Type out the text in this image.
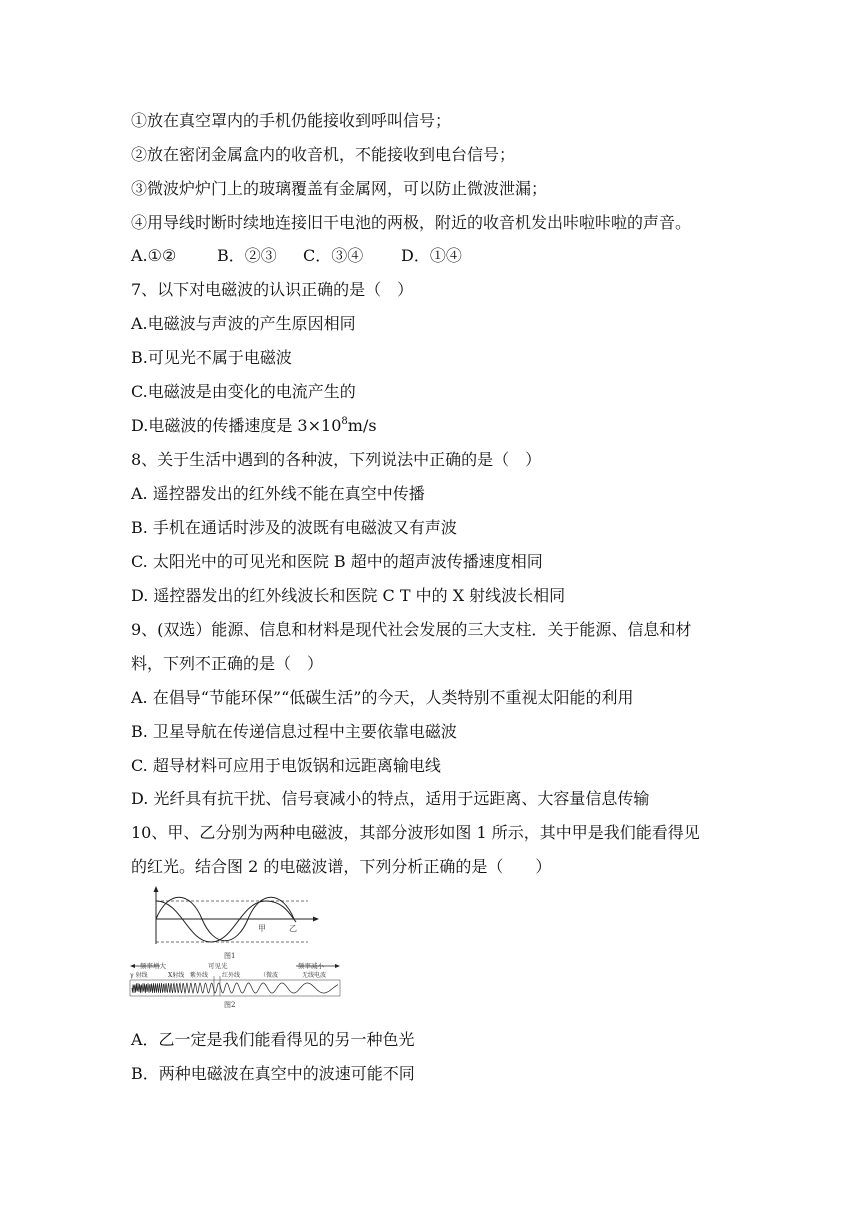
①放在真空罩内的手机仍能接收到呼叫信号；
②放在密闭金属盒内的收音机，不能接收到电台信号；
③微波炉炉门上的玻璃覆盖有金属网，可以防止微波泄漏；
④用导线时断时续地连接旧干电池的两极，附近的收音机发出咔啦咔啦的声音。
A.①②	B．②③ C．③④ D．①④
7、以下对电磁波的认识正确的是（　）
A.电磁波与声波的产生原因相同
B.可见光不属于电磁波
C.电磁波是由变化的电流产生的
D.电磁波的传播速度是 $3\times 10^8m/s$
8、关于生活中遇到的各种波，下列说法中正确的是（　）
A. 遥控器发出的红外线不能在真空中传播
B. 手机在通话时涉及的波既有电磁波又有声波
C. 太阳光中的可见光和医院 B 超中的超声波传播速度相同
D. 遥控器发出的红外线波长和医院 C T 中的 X 射线波长相同
9、(双选）能源、信息和材料是现代社会发展的三大支柱．关于能源、信息和材
料，下列不正确的是（　）
A. 在倡导“节能环保”“低碳生活”的今天，人类特别不重视太阳能的利用
B. 卫星导航在传递信息过程中主要依靠电磁波
C. 超导材料可应用于电饭锅和远距离输电线
D. 光纤具有抗干扰、信号衰减小的特点，适用于远距离、大容量信息传输
10、甲、乙分别为两种电磁波，其部分波形如图 1 所示，其中甲是我们能看得见
的红光。结合图 2 的电磁波谱，下列分析正确的是（　　）
甲	乙
图1
频率增大	可见光	频率减小
γ 射线	X射线 紫外线 红外线	（微波	无线电波
图2
A．乙一定是我们能看得见的另一种色光
B．两种电磁波在真空中的波速可能不同
